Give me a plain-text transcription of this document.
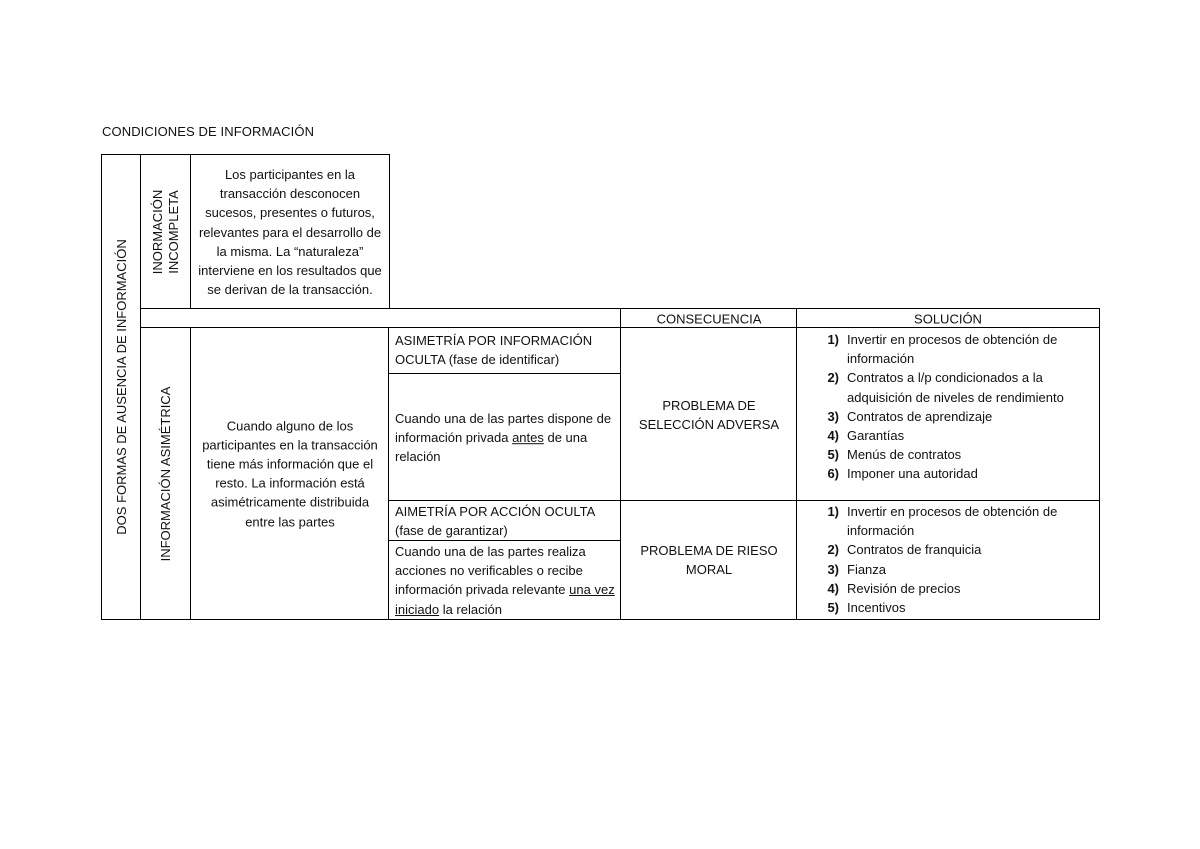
CONDICIONES DE INFORMACIÓN
DOS FORMAS DE AUSENCIA DE INFORMACIÓN
INORMACIÓN INCOMPLETA
Los participantes en la transacción desconocen sucesos, presentes o futuros, relevantes para el desarrollo de la misma. La “naturaleza” interviene en los resultados que se derivan de la transacción.
CONSECUENCIA	SOLUCIÓN
INFORMACIÓN ASIMÉTRICA	Cuando alguno de los participantes en la transacción tiene más información que el resto. La información está asimétricamente distribuida entre las partes
ASIMETRÍA POR INFORMACIÓN OCULTA (fase de identificar)
Cuando una de las partes dispone de información privada antes de una relación
PROBLEMA DE SELECCIÓN ADVERSA
1) Invertir en procesos de obtención de información
2) Contratos a l/p condicionados a la adquisición de niveles de rendimiento
3) Contratos de aprendizaje
4) Garantías
5) Menús de contratos
6) Imponer una autoridad
AIMETRÍA POR ACCIÓN OCULTA (fase de garantizar)
Cuando una de las partes realiza acciones no verificables o recibe información privada relevante una vez iniciado la relación
PROBLEMA DE RIESO MORAL
1) Invertir en procesos de obtención de información
2) Contratos de franquicia
3) Fianza
4) Revisión de precios
5) Incentivos
